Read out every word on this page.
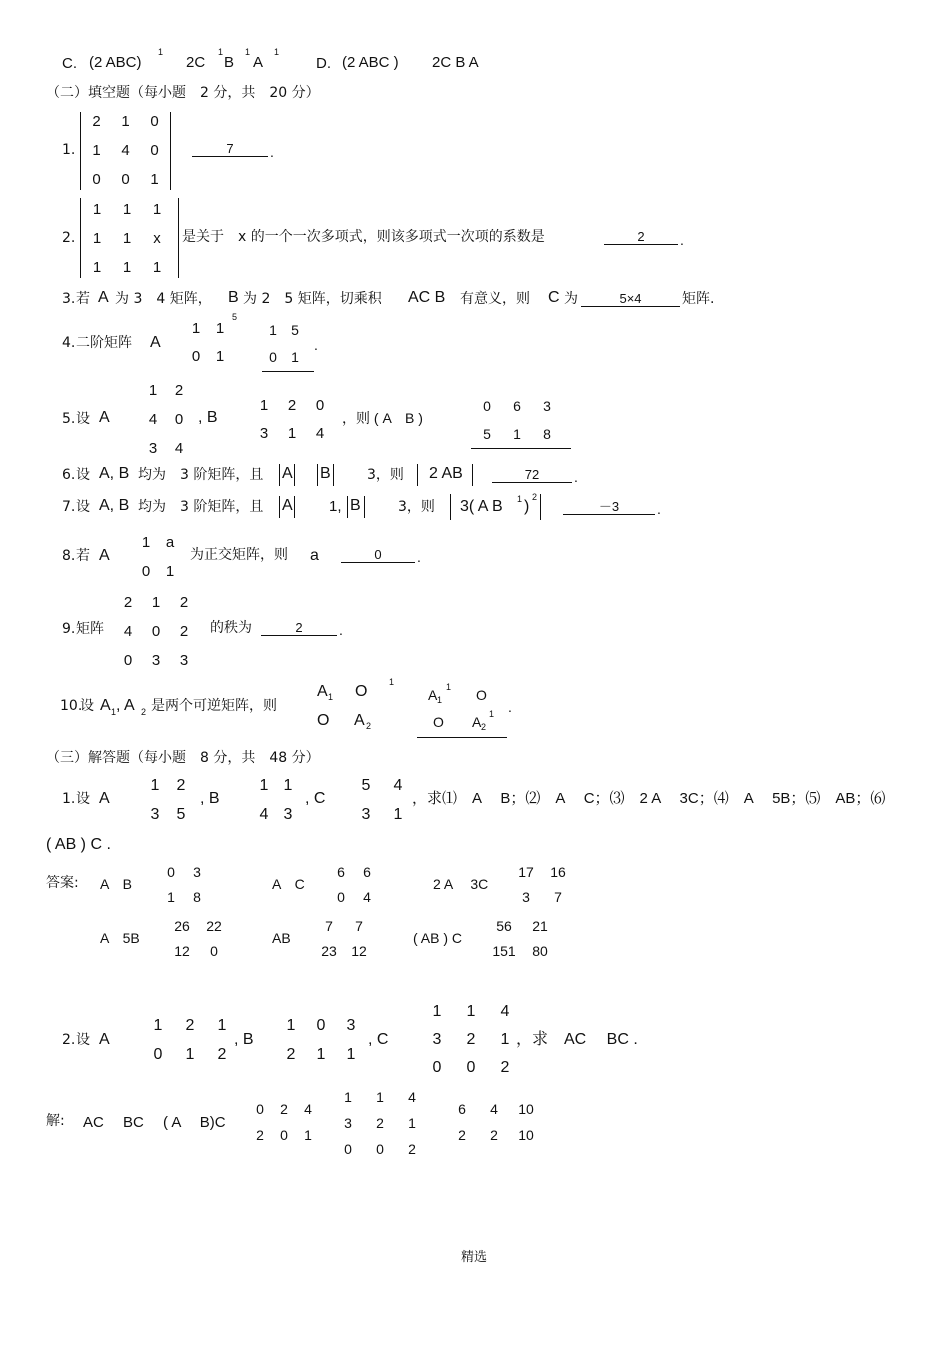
C. (2 ABC)
1
2C
1
B
1
A
1
D. (2 ABC ) 2C B A
（二）填空题（每小题　2 分，共　20 分）
1.
2	1	0
1	4	0
0	0	1
7	.
2.
1	1	1
1	1	x
1	1	1
是关于　x 的一个一次多项式，则该多项式一次项的系数是	2	.
3. 若 A 为 3　4 矩阵， B 为 2　5 矩阵，切乘积 AC B 有意义，则 C 为	5×4	矩阵.
4. 二阶矩阵 A
1	1
0	1
5
1	5
0	1
.
5. 设 A
1	2
4	0
3	4
, B
1	2	0
3	1	4
，则 ( A　B )
0	6	3
5	1	8
6. 设 A, B 均为　3 阶矩阵，且 A B	3，则 2 AB	72	.
7. 设 A, B 均为　3 阶矩阵，且 A 1, B	3，则 3( A B 1 )
2
－3	.
8. 若 A
1	a
0	1
为正交矩阵，则 a	0	.
9. 矩阵
2	1	2
4	0	2
0	3	3
的秩为	2	.
10.
设 A 1 , A 2 是两个可逆矩阵，则
A 1 O
1
O A 2
A 1
1 O
O A 2
1 .
（三）解答题（每小题　8 分，共　48 分）
1. 设 A
1	2
3	5
, B
1 1
4 3
, C
5	4
3	1
，求⑴　A　 B；⑵　A　 C；⑶　2 A　 3C；⑷　A　 5B；⑸　AB；⑹
( AB ) C .
答案: A　B
0	3
1	8
A　C
6	6
0	4
2 A　 3C
17	16
3	7
A　5B
26	22
12	0
AB
7	7
23	12
( AB ) C
56	21
151	80
2. 设 A
1	2	1
0	1	2
, B
1	0	3
2	1	1
, C
1	1	4
3	2	1
0	0	2
，求　AC　 BC .
解: AC　 BC　 ( A　 B)C
0	2	4
2	0	1
1	1	4
3	2	1
0	0	2
6	4	10
2	2	10
精选
